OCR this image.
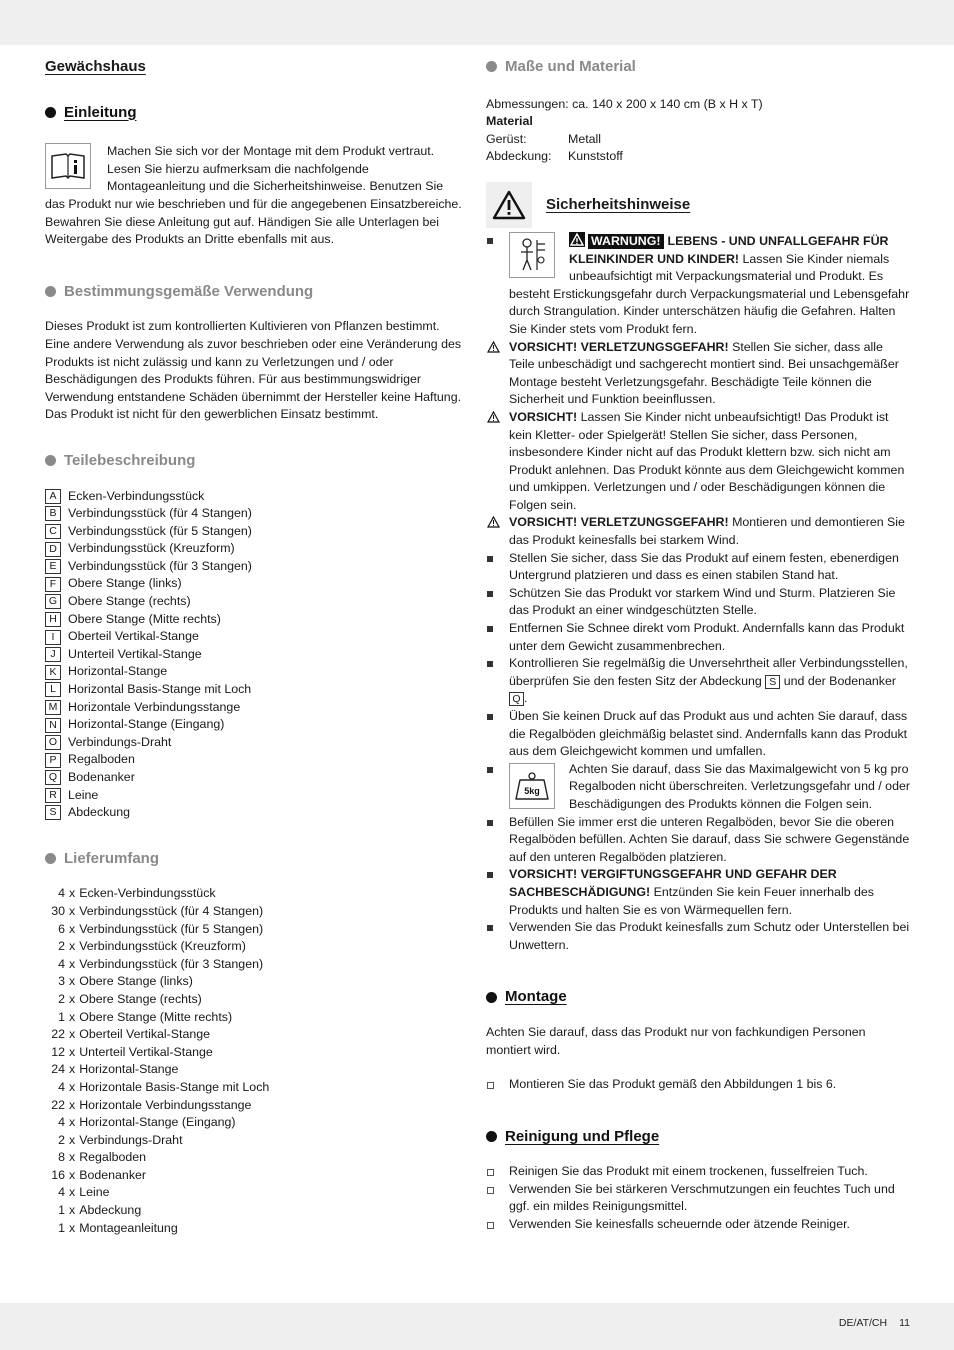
Gewächshaus
Einleitung

Machen Sie sich vor der Montage mit dem Produkt vertraut. Lesen Sie hierzu aufmerksam die nachfolgende Montageanleitung und die Sicherheitshinweise. Benutzen Sie das Produkt nur wie beschrieben und für die angegebenen Einsatzbereiche. Bewahren Sie diese Anleitung gut auf. Händigen Sie alle Unterlagen bei Weitergabe des Produkts an Dritte ebenfalls mit aus.

Bestimmungsgemäße Verwendung

Dieses Produkt ist zum kontrollierten Kultivieren von Pflanzen bestimmt. Eine andere Verwendung als zuvor beschrieben oder eine Veränderung des Produkts ist nicht zulässig und kann zu Verletzungen und / oder Beschädigungen des Produkts führen. Für aus bestimmungswidriger Verwendung entstandene Schäden übernimmt der Hersteller keine Haftung. Das Produkt ist nicht für den gewerblichen Einsatz bestimmt.

Teilebeschreibung
A Ecken-Verbindungsstück
B Verbindungsstück (für 4 Stangen)
C Verbindungsstück (für 5 Stangen)
D Verbindungsstück (Kreuzform)
E Verbindungsstück (für 3 Stangen)
F Obere Stange (links)
G Obere Stange (rechts)
H Obere Stange (Mitte rechts)
I	Oberteil Vertikal-Stange
J Unterteil Vertikal-Stange
K Horizontal-Stange
L Horizontal Basis-Stange mit Loch
M Horizontale Verbindungsstange
N Horizontal-Stange (Eingang)
O Verbindungs-Draht
P Regalboden
Q Bodenanker
R Leine
S Abdeckung
Lieferumfang
4 x Ecken-Verbindungsstück
30 x Verbindungsstück (für 4 Stangen)
6 x Verbindungsstück (für 5 Stangen)
2 x Verbindungsstück (Kreuzform)
4 x Verbindungsstück (für 3 Stangen)
3 x Obere Stange (links)
2 x Obere Stange (rechts)
1 x Obere Stange (Mitte rechts)
22 x Oberteil Vertikal-Stange
12 x Unterteil Vertikal-Stange
24 x Horizontal-Stange
4 x Horizontale Basis-Stange mit Loch
22 x Horizontale Verbindungsstange
4 x Horizontal-Stange (Eingang)
2 x Verbindungs-Draht
8 x Regalboden
16 x Bodenanker
4 x Leine
1 x Abdeckung
1 x Montageanleitung
Maße und Material

Abmessungen: ca. 140 x 200 x 140 cm (B x H x T)

Material

Gerüst:	Metall
Abdeckung:	Kunststoff
Sicherheitshinweise
WARNUNG! LEBENS - UND UNFALLGEFAHR FÜR KLEINKINDER UND KINDER! Lassen Sie Kinder niemals unbeaufsichtigt mit Verpackungsmaterial und Produkt. Es besteht Erstickungsgefahr durch Verpackungsmaterial und Lebensgefahr durch Strangulation. Kinder unterschätzen häufig die Gefahren. Halten Sie Kinder stets vom Produkt fern.
VORSICHT! VERLETZUNGSGEFAHR! Stellen Sie sicher, dass alle Teile unbeschädigt und sachgerecht montiert sind. Bei unsachgemäßer Montage besteht Verletzungsgefahr. Beschädigte Teile können die Sicherheit und Funktion beeinflussen.
VORSICHT! Lassen Sie Kinder nicht unbeaufsichtigt! Das Produkt ist kein Kletter- oder Spielgerät! Stellen Sie sicher, dass Personen, insbesondere Kinder nicht auf das Produkt klettern bzw. sich nicht am Produkt anlehnen. Das Produkt könnte aus dem Gleichgewicht kommen und umkippen. Verletzungen und / oder Beschädigungen können die Folgen sein.
VORSICHT! VERLETZUNGSGEFAHR! Montieren und demontieren Sie das Produkt keinesfalls bei starkem Wind.
Stellen Sie sicher, dass Sie das Produkt auf einem festen, ebenerdigen Untergrund platzieren und dass es einen stabilen Stand hat.
Schützen Sie das Produkt vor starkem Wind und Sturm. Platzieren Sie das Produkt an einer windgeschützten Stelle.
Entfernen Sie Schnee direkt vom Produkt. Andernfalls kann das Produkt unter dem Gewicht zusammenbrechen.
Kontrollieren Sie regelmäßig die Unversehrtheit aller Verbindungsstellen, überprüfen Sie den festen Sitz der Abdeckung S und der Bodenanker Q .
Üben Sie keinen Druck auf das Produkt aus und achten Sie darauf, dass die Regalböden gleichmäßig belastet sind. Andernfalls kann das Produkt aus dem Gleichgewicht kommen und umfallen.
5kg
Achten Sie darauf, dass Sie das Maximalgewicht von 5 kg pro Regalboden nicht überschreiten. Verletzungsgefahr und / oder Beschädigungen des Produkts können die Folgen sein.
Befüllen Sie immer erst die unteren Regalböden, bevor Sie die oberen Regalböden befüllen. Achten Sie darauf, dass Sie schwere Gegenstände auf den unteren Regalböden platzieren.
VORSICHT! VERGIFTUNGSGEFAHR UND GEFAHR DER SACHBESCHÄDIGUNG! Entzünden Sie kein Feuer innerhalb des Produkts und halten Sie es von Wärmequellen fern.
Verwenden Sie das Produkt keinesfalls zum Schutz oder Unterstellen bei Unwettern.
Montage

Achten Sie darauf, dass das Produkt nur von fachkundigen Personen montiert wird.

Montieren Sie das Produkt gemäß den Abbildungen 1 bis 6.
Reinigung und Pflege
Reinigen Sie das Produkt mit einem trockenen, fusselfreien Tuch.
Verwenden Sie bei stärkeren Verschmutzungen ein feuchtes Tuch und ggf. ein mildes Reinigungsmittel.
Verwenden Sie keinesfalls scheuernde oder ätzende Reiniger.
DE/AT/CH 11
